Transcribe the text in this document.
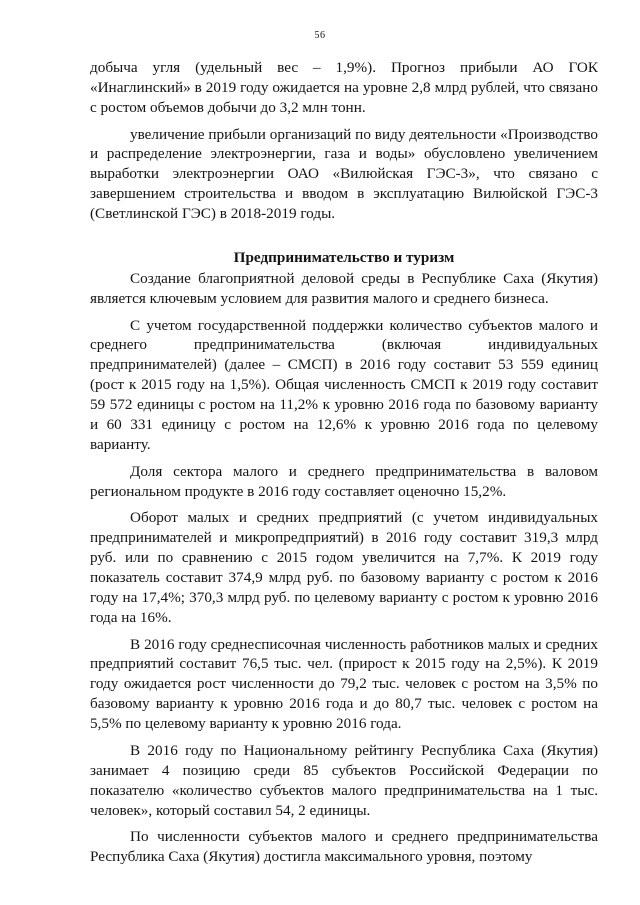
56

добыча угля (удельный вес – 1,9%). Прогноз прибыли АО ГОК «Инаглинский» в 2019 году ожидается на уровне 2,8 млрд рублей, что связано с ростом объемов добычи до 3,2 млн тонн.

увеличение прибыли организаций по виду деятельности «Производство и распределение электроэнергии, газа и воды» обусловлено увеличением выработки электроэнергии ОАО «Вилюйская ГЭС-3», что связано с завершением строительства и вводом в эксплуатацию Вилюйской ГЭС-3 (Светлинской ГЭС) в 2018-2019 годы.

Предпринимательство и туризм

Создание благоприятной деловой среды в Республике Саха (Якутия) является ключевым условием для развития малого и среднего бизнеса.

С учетом государственной поддержки количество субъектов малого и среднего предпринимательства (включая индивидуальных предпринимателей) (далее – СМСП) в 2016 году составит 53 559 единиц (рост к 2015 году на 1,5%). Общая численность СМСП к 2019 году составит 59 572 единицы с ростом на 11,2% к уровню 2016 года по базовому варианту и 60 331 единицу с ростом на 12,6% к уровню 2016 года по целевому варианту.

Доля сектора малого и среднего предпринимательства в валовом региональном продукте в 2016 году составляет оценочно 15,2%.

Оборот малых и средних предприятий (с учетом индивидуальных предпринимателей и микропредприятий) в 2016 году составит 319,3 млрд руб. или по сравнению с 2015 годом увеличится на 7,7%. К 2019 году показатель составит 374,9 млрд руб. по базовому варианту с ростом к 2016 году на 17,4%; 370,3 млрд руб. по целевому варианту с ростом к уровню 2016 года на 16%.

В 2016 году среднесписочная численность работников малых и средних предприятий составит 76,5 тыс. чел. (прирост к 2015 году на 2,5%). К 2019 году ожидается рост численности до 79,2 тыс. человек с ростом на 3,5% по базовому варианту к уровню 2016 года и до 80,7 тыс. человек с ростом на 5,5% по целевому варианту к уровню 2016 года.

В 2016 году по Национальному рейтингу Республика Саха (Якутия) занимает 4 позицию среди 85 субъектов Российской Федерации по показателю «количество субъектов малого предпринимательства на 1 тыс. человек», который составил 54, 2 единицы.

По численности субъектов малого и среднего предпринимательства Республика Саха (Якутия) достигла максимального уровня, поэтому
